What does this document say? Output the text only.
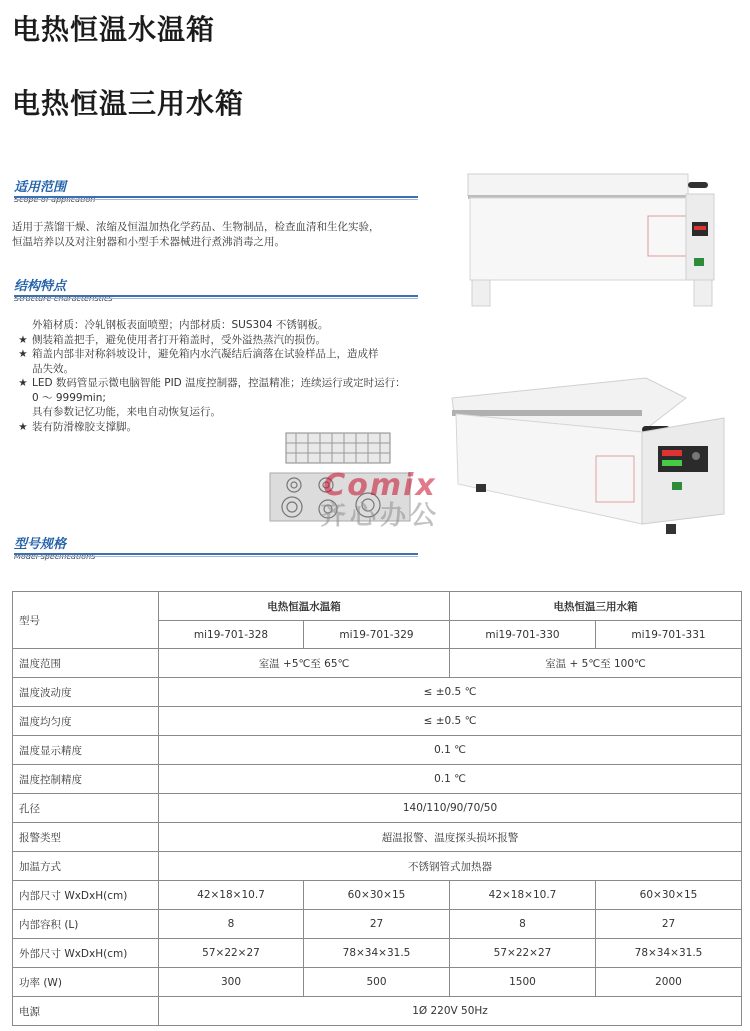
电热恒温水温箱
电热恒温三用水箱
适用范围
适用于蒸馏干燥、浓缩及恒温加热化学药品、生物制品，检查血清和生化实验，
恒温培养以及对注射器和小型手术器械进行煮沸消毒之用。
结构特点
外箱材质：冷轧钢板表面喷塑；内部材质：SUS304 不锈钢板。
★ 侧装箱盖把手，避免使用者打开箱盖时，受外溢热蒸汽的损伤。
★ 箱盖内部非对称斜坡设计，避免箱内水汽凝结后滴落在试验样品上，造成样
品失效。
★ LED 数码管显示微电脑智能 PID 温度控制器，控温精准；连续运行或定时运行：
0 ～ 9999min;
具有参数记忆功能，来电自动恢复运行。
★ 装有防滑橡胶支撑脚。
Comix
齐心办公
型号规格
型号	电热恒温水温箱		电热恒温三用水箱	
	mi19-701-328	mi19-701-329	mi19-701-330	mi19-701-331
温度范围	室温 +5℃至 65℃		室温 + 5℃至 100℃	
温度波动度	≤ ±0.5 ℃			
温度均匀度	≤ ±0.5 ℃			
温度显示精度	0.1 ℃			
温度控制精度	0.1 ℃			
孔径	140/110/90/70/50			
报警类型	超温报警、温度探头损坏报警			
加温方式	不锈钢管式加热器			
内部尺寸 WxDxH(cm)	42×18×10.7	60×30×15	42×18×10.7	60×30×15
内部容积 (L)	8	27	8	27
外部尺寸 WxDxH(cm)	57×22×27	78×34×31.5	57×22×27	78×34×31.5
功率 (W)	300	500	1500	2000
电源	1Ø 220V 50Hz			
